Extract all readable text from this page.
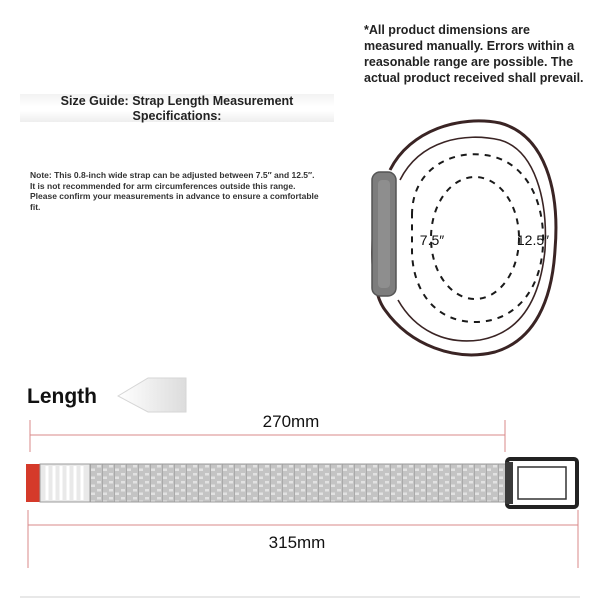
*All product dimensions are
measured manually. Errors within a
reasonable range are possible. The
actual product received shall prevail.
Size Guide: Strap Length Measurement
Specifications:
Note: This 0.8-inch wide strap can be adjusted between 7.5″ and 12.5″.
It is not recommended for arm circumferences outside this range.
Please confirm your measurements in advance to ensure a comfortable
fit.
7.5″	12.5″
Length
270mm
315mm
